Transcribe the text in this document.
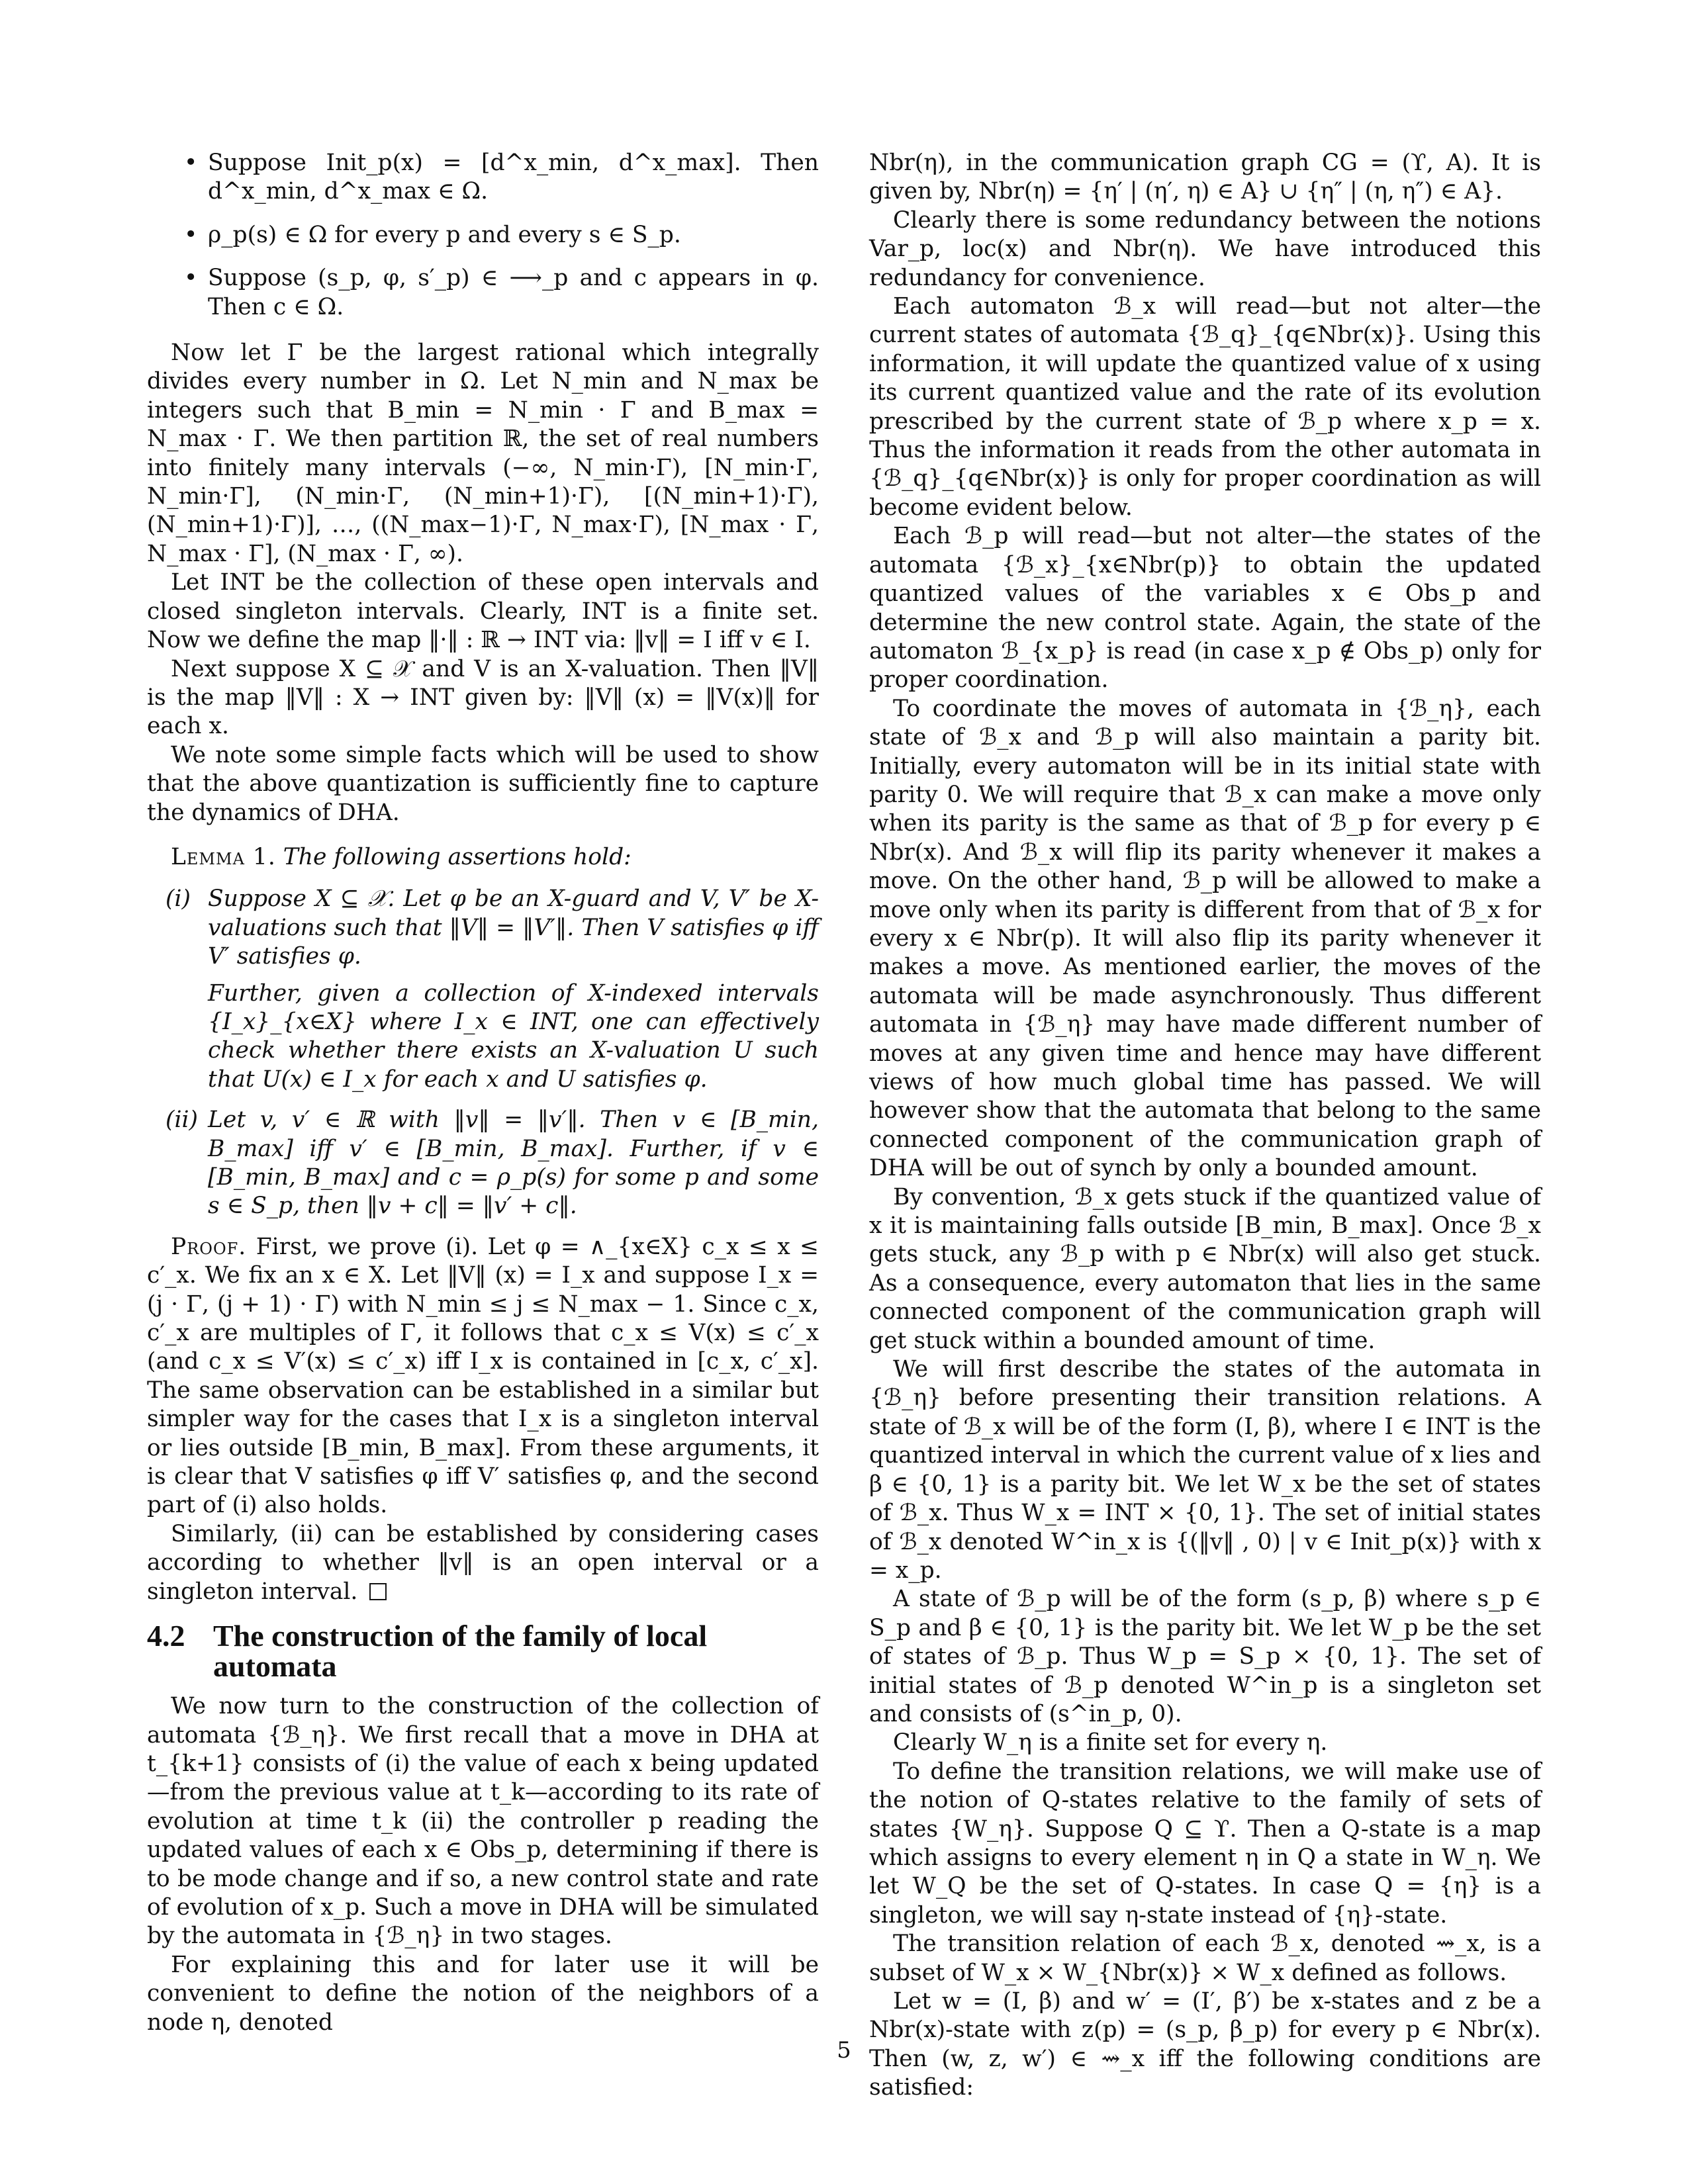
• Suppose Init_p(x) = [d^x_min, d^x_max]. Then d^x_min, d^x_max ∈ Ω.
• ρ_p(s) ∈ Ω for every p and every s ∈ S_p.
• Suppose (s_p, φ, s′_p) ∈ ⟶_p and c appears in φ. Then c ∈ Ω.

Now let Γ be the largest rational which integrally divides every number in Ω. Let N_min and N_max be integers such that B_min = N_min · Γ and B_max = N_max · Γ. We then partition ℝ, the set of real numbers into finitely many intervals (−∞, N_min·Γ), [N_min·Γ, N_min·Γ], (N_min·Γ, (N_min+1)·Γ), [(N_min+1)·Γ), (N_min+1)·Γ)], …, ((N_max−1)·Γ, N_max·Γ), [N_max · Γ, N_max · Γ], (N_max · Γ, ∞).

Let INT be the collection of these open intervals and closed singleton intervals. Clearly, INT is a finite set. Now we define the map ‖·‖ : ℝ → INT via: ‖v‖ = I iff v ∈ I.

Next suppose X ⊆ 𝒳 and V is an X-valuation. Then ‖V‖ is the map ‖V‖ : X → INT given by: ‖V‖ (x) = ‖V(x)‖ for each x.

We note some simple facts which will be used to show that the above quantization is sufficiently fine to capture the dynamics of DHA.

Lemma 1. The following assertions hold:

(i) Suppose X ⊆ 𝒳. Let φ be an X-guard and V, V′ be X-valuations such that ‖V‖ = ‖V′‖. Then V satisfies φ iff V′ satisfies φ.
Further, given a collection of X-indexed intervals {I_x}_{x∈X} where I_x ∈ INT, one can effectively check whether there exists an X-valuation U such that U(x) ∈ I_x for each x and U satisfies φ.
(ii) Let v, v′ ∈ ℝ with ‖v‖ = ‖v′‖. Then v ∈ [B_min, B_max] iff v′ ∈ [B_min, B_max]. Further, if v ∈ [B_min, B_max] and c = ρ_p(s) for some p and some s ∈ S_p, then ‖v + c‖ = ‖v′ + c‖.

Proof. First, we prove (i). Let φ = ∧_{x∈X} c_x ≤ x ≤ c′_x. We fix an x ∈ X. Let ‖V‖ (x) = I_x and suppose I_x = (j · Γ, (j + 1) · Γ) with N_min ≤ j ≤ N_max − 1. Since c_x, c′_x are multiples of Γ, it follows that c_x ≤ V(x) ≤ c′_x (and c_x ≤ V′(x) ≤ c′_x) iff I_x is contained in [c_x, c′_x]. The same observation can be established in a similar but simpler way for the cases that I_x is a singleton interval or lies outside [B_min, B_max]. From these arguments, it is clear that V satisfies φ iff V′ satisfies φ, and the second part of (i) also holds.

Similarly, (ii) can be established by considering cases according to whether ‖v‖ is an open interval or a singleton interval.

4.2 The construction of the family of local automata

We now turn to the construction of the collection of automata {ℬ_η}. We first recall that a move in DHA at t_{k+1} consists of (i) the value of each x being updated—from the previous value at t_k—according to its rate of evolution at time t_k (ii) the controller p reading the updated values of each x ∈ Obs_p, determining if there is to be mode change and if so, a new control state and rate of evolution of x_p. Such a move in DHA will be simulated by the automata in {ℬ_η} in two stages.

For explaining this and for later use it will be convenient to define the notion of the neighbors of a node η, denoted

Nbr(η), in the communication graph CG = (ϒ, A). It is given by, Nbr(η) = {η′ | (η′, η) ∈ A} ∪ {η″ | (η, η″) ∈ A}.

Clearly there is some redundancy between the notions Var_p, loc(x) and Nbr(η). We have introduced this redundancy for convenience.

Each automaton ℬ_x will read—but not alter—the current states of automata {ℬ_q}_{q∈Nbr(x)}. Using this information, it will update the quantized value of x using its current quantized value and the rate of its evolution prescribed by the current state of ℬ_p where x_p = x. Thus the information it reads from the other automata in {ℬ_q}_{q∈Nbr(x)} is only for proper coordination as will become evident below.

Each ℬ_p will read—but not alter—the states of the automata {ℬ_x}_{x∈Nbr(p)} to obtain the updated quantized values of the variables x ∈ Obs_p and determine the new control state. Again, the state of the automaton ℬ_{x_p} is read (in case x_p ∉ Obs_p) only for proper coordination.

To coordinate the moves of automata in {ℬ_η}, each state of ℬ_x and ℬ_p will also maintain a parity bit. Initially, every automaton will be in its initial state with parity 0. We will require that ℬ_x can make a move only when its parity is the same as that of ℬ_p for every p ∈ Nbr(x). And ℬ_x will flip its parity whenever it makes a move. On the other hand, ℬ_p will be allowed to make a move only when its parity is different from that of ℬ_x for every x ∈ Nbr(p). It will also flip its parity whenever it makes a move. As mentioned earlier, the moves of the automata will be made asynchronously. Thus different automata in {ℬ_η} may have made different number of moves at any given time and hence may have different views of how much global time has passed. We will however show that the automata that belong to the same connected component of the communication graph of DHA will be out of synch by only a bounded amount.

By convention, ℬ_x gets stuck if the quantized value of x it is maintaining falls outside [B_min, B_max]. Once ℬ_x gets stuck, any ℬ_p with p ∈ Nbr(x) will also get stuck. As a consequence, every automaton that lies in the same connected component of the communication graph will get stuck within a bounded amount of time.

We will first describe the states of the automata in {ℬ_η} before presenting their transition relations. A state of ℬ_x will be of the form (I, β), where I ∈ INT is the quantized interval in which the current value of x lies and β ∈ {0, 1} is a parity bit. We let W_x be the set of states of ℬ_x. Thus W_x = INT × {0, 1}. The set of initial states of ℬ_x denoted W^in_x is {(‖v‖ , 0) | v ∈ Init_p(x)} with x = x_p.

A state of ℬ_p will be of the form (s_p, β) where s_p ∈ S_p and β ∈ {0, 1} is the parity bit. We let W_p be the set of states of ℬ_p. Thus W_p = S_p × {0, 1}. The set of initial states of ℬ_p denoted W^in_p is a singleton set and consists of (s^in_p, 0).

Clearly W_η is a finite set for every η.

To define the transition relations, we will make use of the notion of Q-states relative to the family of sets of states {W_η}. Suppose Q ⊆ ϒ. Then a Q-state is a map which assigns to every element η in Q a state in W_η. We let W_Q be the set of Q-states. In case Q = {η} is a singleton, we will say η-state instead of {η}-state.

The transition relation of each ℬ_x, denoted ⇝_x, is a subset of W_x × W_{Nbr(x)} × W_x defined as follows.

Let w = (I, β) and w′ = (I′, β′) be x-states and z be a Nbr(x)-state with z(p) = (s_p, β_p) for every p ∈ Nbr(x). Then (w, z, w′) ∈ ⇝_x iff the following conditions are satisfied:

5
